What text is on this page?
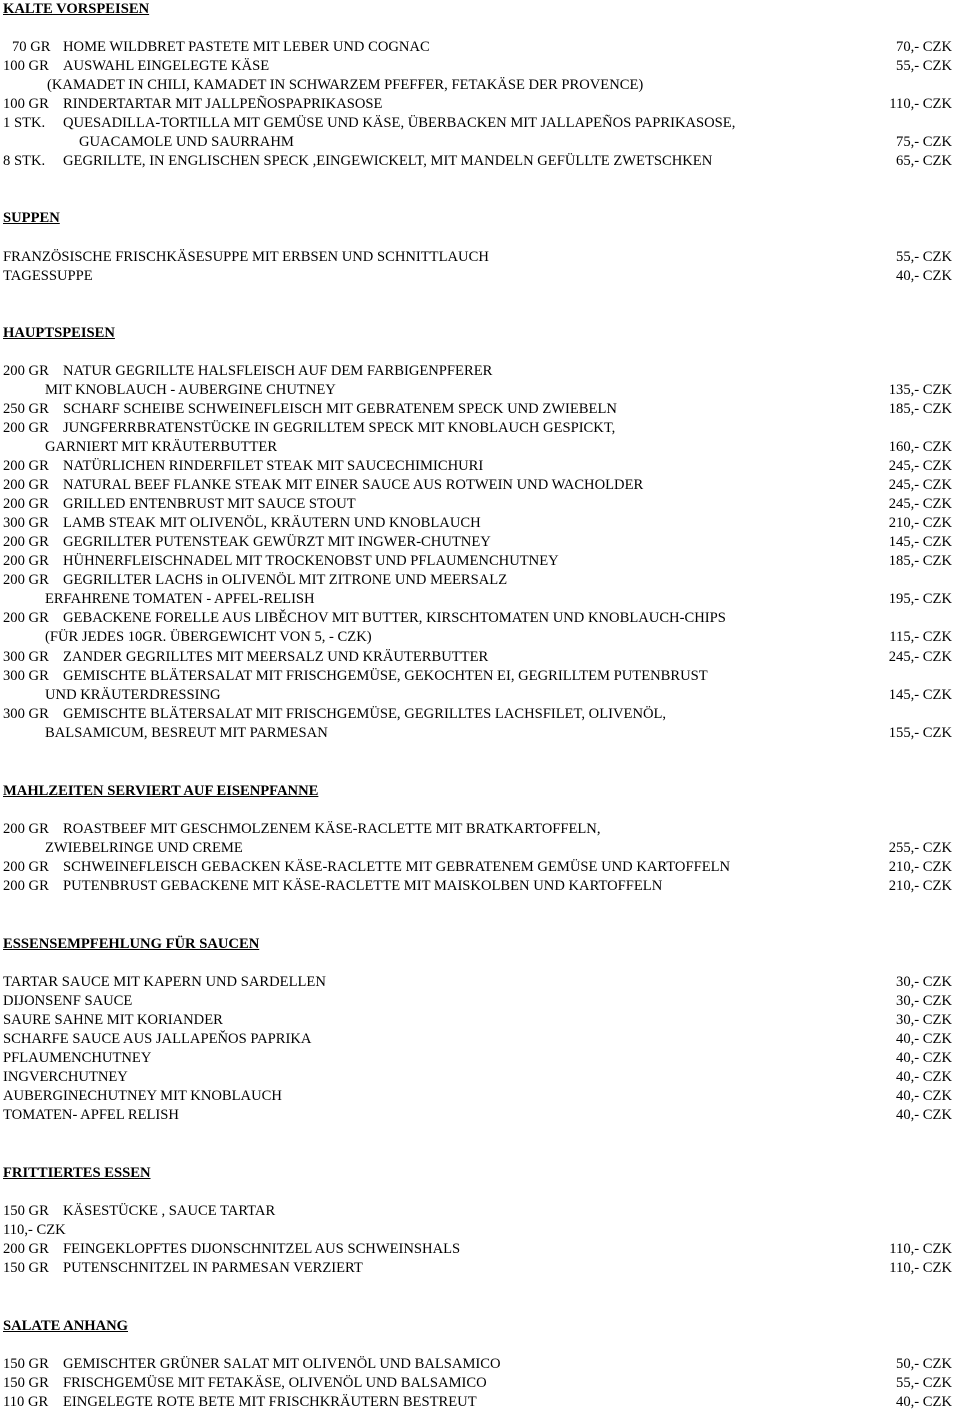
KALTE VORSPEISEN
70 GR HOME WILDBRET PASTETE MIT LEBER UND COGNAC	70,- CZK
100 GR AUSWAHL EINGELEGTE KÄSE	55,- CZK
(KAMADET IN CHILI, KAMADET IN SCHWARZEM PFEFFER, FETAKÄSE DER PROVENCE)
100 GR RINDERTARTAR MIT JALLPEÑOSPAPRIKASOSE	110,- CZK
1 STK. QUESADILLA-TORTILLA MIT GEMÜSE UND KÄSE, ÜBERBACKEN MIT JALLAPEÑOS PAPRIKASOSE,
GUACAMOLE UND SAURRAHM	75,- CZK
8 STK. GEGRILLTE, IN ENGLISCHEN SPECK ,EINGEWICKELT, MIT MANDELN GEFÜLLTE ZWETSCHKEN	65,- CZK
SUPPEN
FRANZÖSISCHE FRISCHKÄSESUPPE MIT ERBSEN UND SCHNITTLAUCH	55,- CZK
TAGESSUPPE	40,- CZK
HAUPTSPEISEN
200 GR NATUR GEGRILLTE HALSFLEISCH AUF DEM FARBIGENPFERER
MIT KNOBLAUCH - AUBERGINE CHUTNEY	135,- CZK
250 GR SCHARF SCHEIBE SCHWEINEFLEISCH MIT GEBRATENEM SPECK UND ZWIEBELN	185,- CZK
200 GR JUNGFERRBRATENSTÜCKE IN GEGRILLTEM SPECK MIT KNOBLAUCH GESPICKT,
GARNIERT MIT KRÄUTERBUTTER	160,- CZK
200 GR NATÜRLICHEN RINDERFILET STEAK MIT SAUCECHIMICHURI	245,- CZK
200 GR NATURAL BEEF FLANKE STEAK MIT EINER SAUCE AUS ROTWEIN UND WACHOLDER	245,- CZK
200 GR GRILLED ENTENBRUST MIT SAUCE STOUT	245,- CZK
300 GR LAMB STEAK MIT OLIVENÖL, KRÄUTERN UND KNOBLAUCH	210,- CZK
200 GR GEGRILLTER PUTENSTEAK GEWÜRZT MIT INGWER-CHUTNEY	145,- CZK
200 GR HÜHNERFLEISCHNADEL MIT TROCKENOBST UND PFLAUMENCHUTNEY	185,- CZK
200 GR GEGRILLTER LACHS in OLIVENÖL MIT ZITRONE UND MEERSALZ
ERFAHRENE TOMATEN - APFEL-RELISH	195,- CZK
200 GR GEBACKENE FORELLE AUS LIBĚCHOV MIT BUTTER, KIRSCHTOMATEN UND KNOBLAUCH-CHIPS
(FÜR JEDES 10GR. ÜBERGEWICHT VON 5, - CZK)	115,- CZK
300 GR ZANDER GEGRILLTES MIT MEERSALZ UND KRÄUTERBUTTER	245,- CZK
300 GR GEMISCHTE BLÄTERSALAT MIT FRISCHGEMÜSE, GEKOCHTEN EI, GEGRILLTEM PUTENBRUST
UND KRÄUTERDRESSING	145,- CZK
300 GR GEMISCHTE BLÄTERSALAT MIT FRISCHGEMÜSE, GEGRILLTES LACHSFILET, OLIVENÖL,
BALSAMICUM, BESREUT MIT PARMESAN	155,- CZK
MAHLZEITEN SERVIERT AUF EISENPFANNE
200 GR ROASTBEEF MIT GESCHMOLZENEM KÄSE-RACLETTE MIT BRATKARTOFFELN,
ZWIEBELRINGE UND CREME	255,- CZK
200 GR SCHWEINEFLEISCH GEBACKEN KÄSE-RACLETTE MIT GEBRATENEM GEMÜSE UND KARTOFFELN	210,- CZK
200 GR PUTENBRUST GEBACKENE MIT KÄSE-RACLETTE MIT MAISKOLBEN UND KARTOFFELN	210,- CZK
ESSENSEMPFEHLUNG FÜR SAUCEN
TARTAR SAUCE MIT KAPERN UND SARDELLEN	30,- CZK
DIJONSENF SAUCE	30,- CZK
SAURE SAHNE MIT KORIANDER	30,- CZK
SCHARFE SAUCE AUS JALLAPEŇOS PAPRIKA	40,- CZK
PFLAUMENCHUTNEY	40,- CZK
INGVERCHUTNEY	40,- CZK
AUBERGINECHUTNEY MIT KNOBLAUCH	40,- CZK
TOMATEN- APFEL RELISH	40,- CZK
FRITTIERTES ESSEN
150 GR KÄSESTÜCKE , SAUCE TARTAR
110,- CZK
200 GR FEINGEKLOPFTES DIJONSCHNITZEL AUS SCHWEINSHALS	110,- CZK
150 GR PUTENSCHNITZEL IN PARMESAN VERZIERT	110,- CZK
SALATE ANHANG
150 GR GEMISCHTER GRÜNER SALAT MIT OLIVENÖL UND BALSAMICO	50,- CZK
150 GR FRISCHGEMÜSE MIT FETAKÄSE, OLIVENÖL UND BALSAMICO	55,- CZK
110 GR EINGELEGTE ROTE BETE MIT FRISCHKRÄUTERN BESTREUT	40,- CZK
